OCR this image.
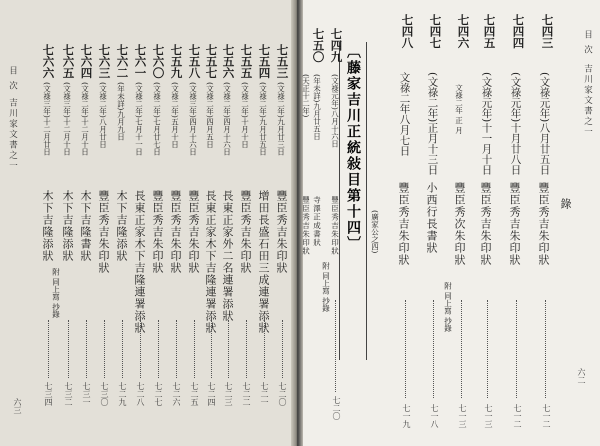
目 次
吉川家文書之一
六二
錄
〔藤家吉川正統敍目第十四〕 (廣家公之四)
七四三
(文祿元年)八月廿五日
豐臣秀吉朱印狀
七一二
七四四
(文祿元年)十月廿八日
豐臣秀吉朱印狀
七一二
七四五
(文祿元年)十一月十日
豐臣秀吉朱印狀
七一三
七四六
文祿二年 正 月
豐臣秀次朱印狀
附 同上寫 抄錄
七一三
七四七
(文祿二年)正月十三日
小西行長書狀
七一八
七四八
文祿二年八月七日
豐臣秀吉朱印狀
七一九
七四九
(文祿元年)八月十六日
豐臣秀吉朱印狀
附 同上寫 抄錄
七二〇
七五〇
(年未詳)九月廿五日
寺澤正成書狀
(天正十二年)
豐臣秀吉朱印狀
七五三
(文祿二年)九月廿三日
豐臣秀吉朱印狀
七二〇
七五四
(文祿二年)九月廿五日
增田長盛石田三成連署添狀
七二一
七五五
(文祿二年)十月十日
豐臣秀吉朱印狀
七二二
七五六
(文祿二年)四月十六日
長東正家外二名連署添狀
七二三
七五七
(文祿二年)四月五日
長東正家木下吉隆連署添狀
七二四
七五八
(文祿三年)四月十六日
豐臣秀吉朱印狀
七二五
七五九
(文祿二年)五月十日
豐臣秀吉朱印狀
七二六
七六〇
(文祿二年)七月廿七日
豐臣秀吉朱印狀
七二七
七六一
(文祿二年)七月十一日
長東正家木下吉隆連署添狀
七二八
七六二
(年未詳)九月九日
木下吉隆添狀
七二九
七六三
(文祿二年)八月廿日
豐臣秀吉朱印狀
七三〇
七六四
(文祿二年)十二月十日
木下吉隆書狀
七三一
七六五
(文祿三年)十二月十日
木下吉隆添狀
附 同上寫 抄錄
七三二
七六六
(文祿三年)十二月廿日
木下吉隆添狀
七三四
目 次
吉川家文書之一
六三
